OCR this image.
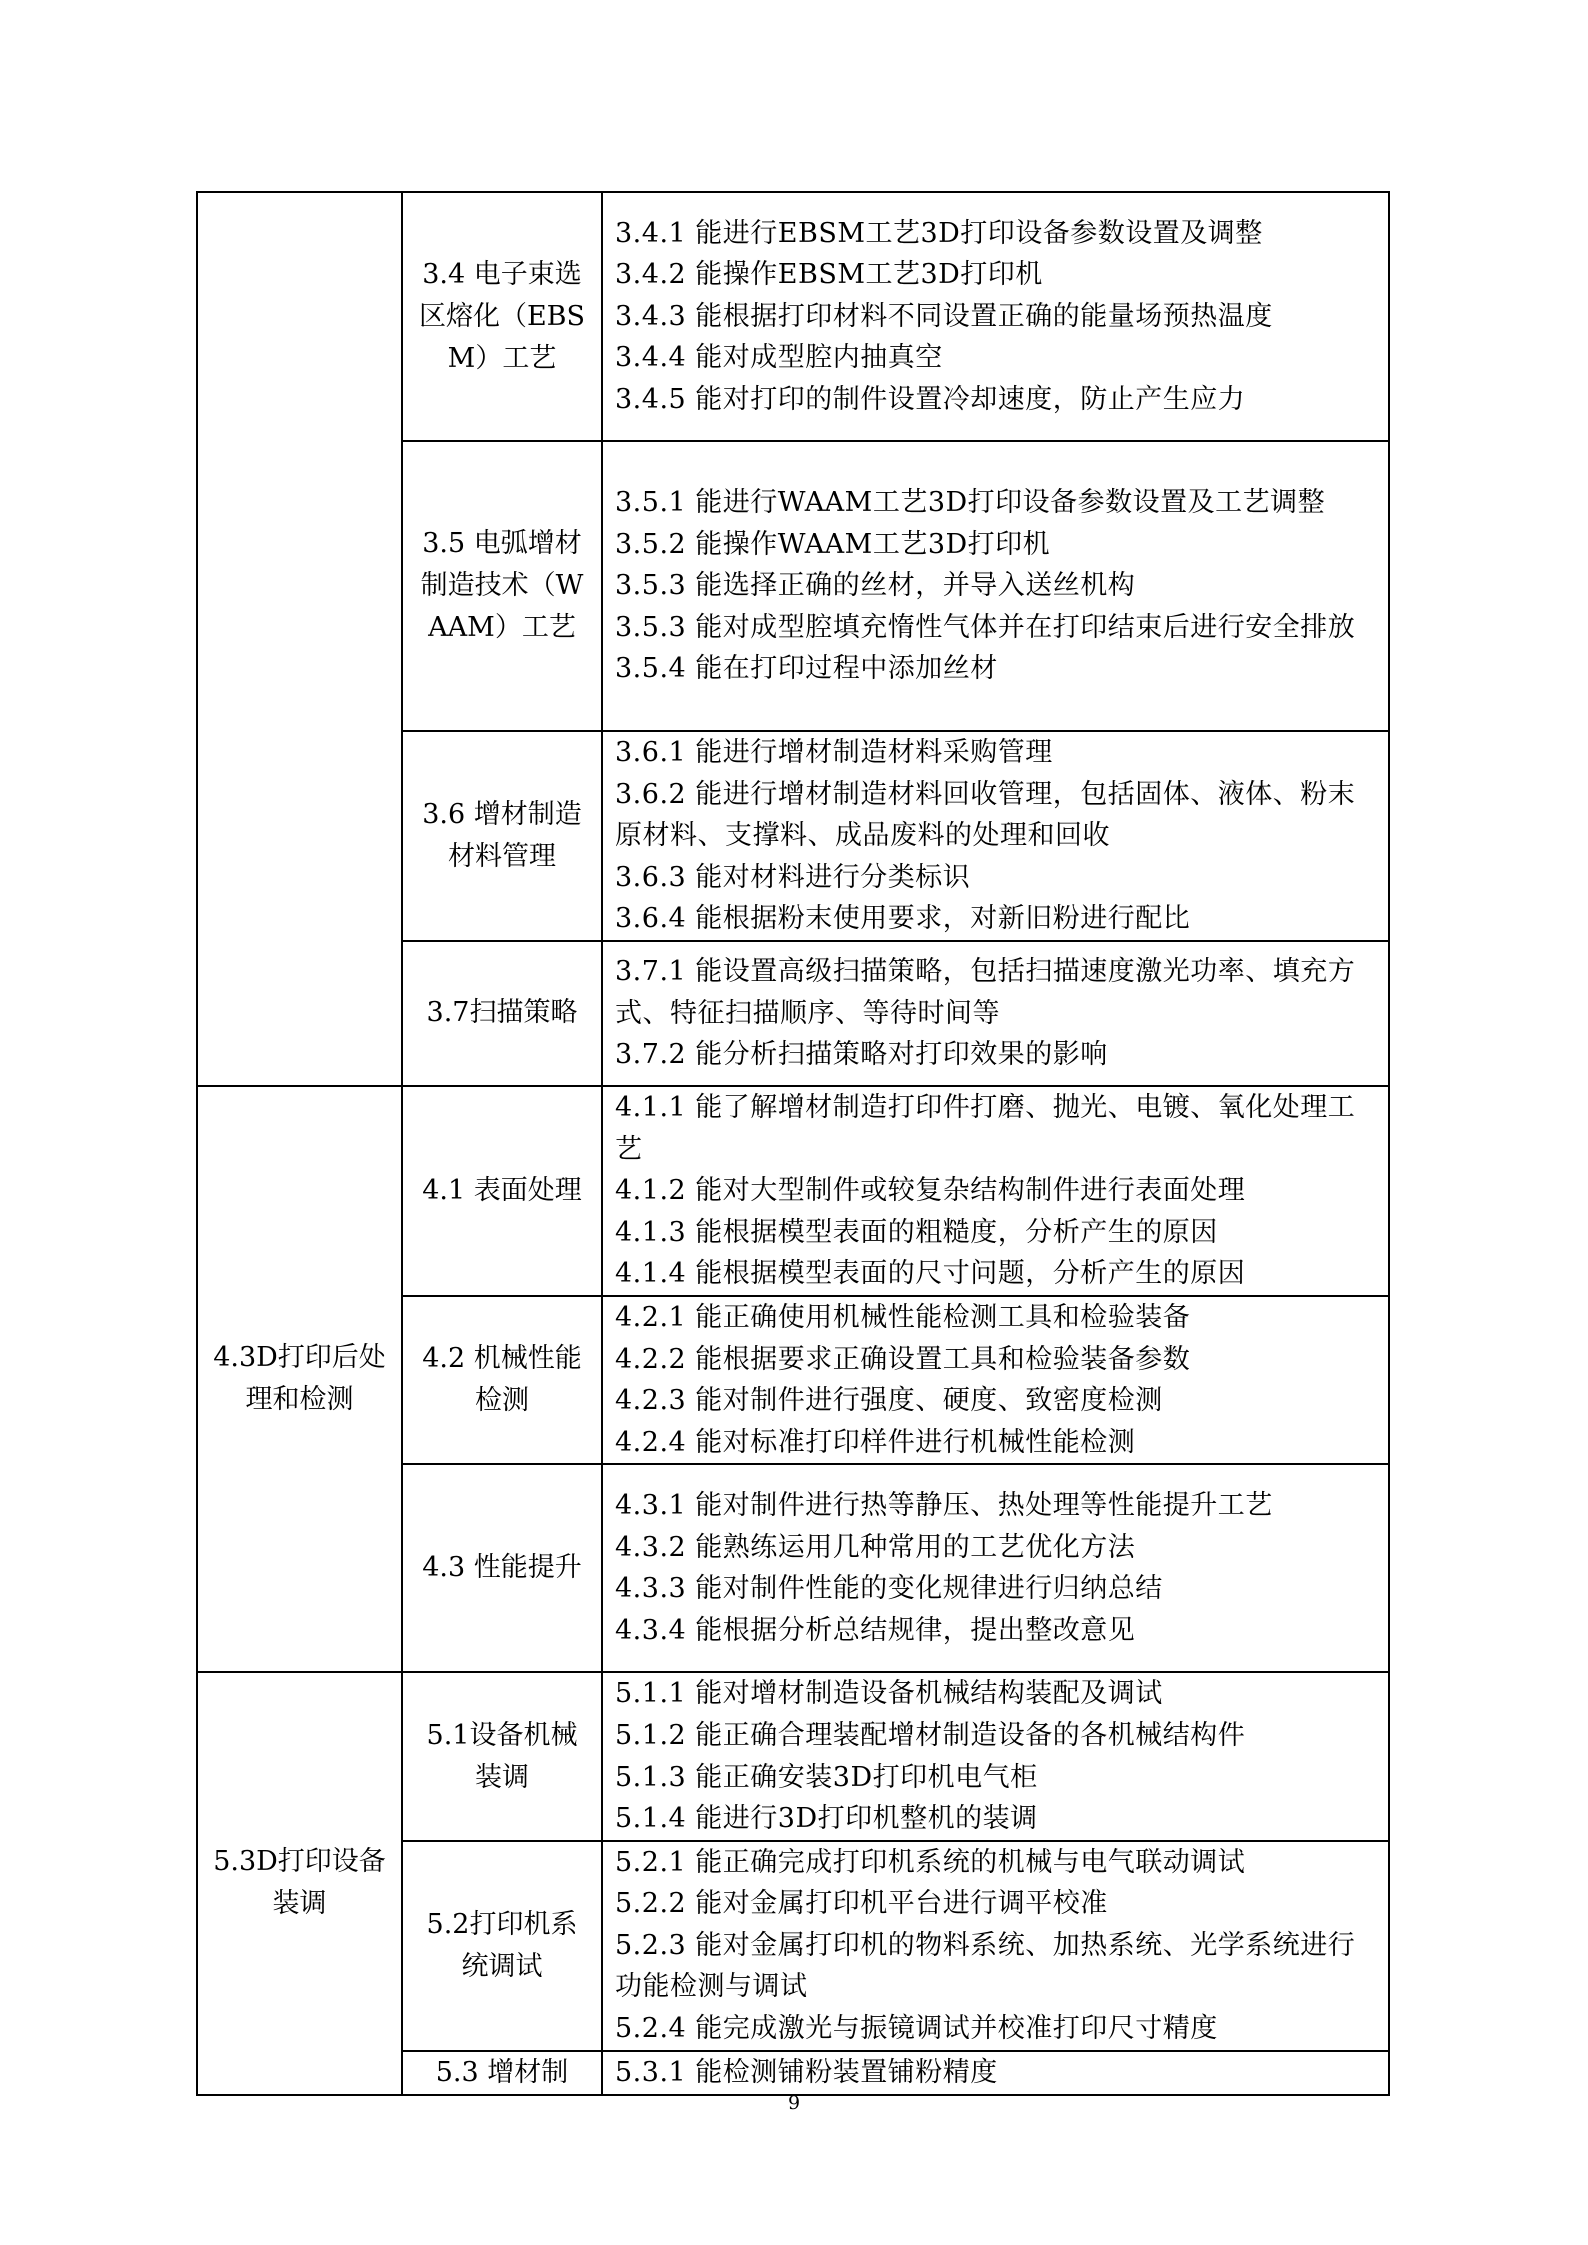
	3.4 电子束选区熔化（EBSM）工艺	3.4.1 能进行EBSM工艺3D打印设备参数设置及调整
3.4.2 能操作EBSM工艺3D打印机
3.4.3 能根据打印材料不同设置正确的能量场预热温度
3.4.4 能对成型腔内抽真空
3.4.5 能对打印的制件设置冷却速度，防止产生应力

	3.5 电弧增材制造技术（WAAM）工艺	3.5.1 能进行WAAM工艺3D打印设备参数设置及工艺调整
3.5.2 能操作WAAM工艺3D打印机
3.5.3 能选择正确的丝材，并导入送丝机构
3.5.3 能对成型腔填充惰性气体并在打印结束后进行安全排放
3.5.4 能在打印过程中添加丝材

	3.6 增材制造材料管理	3.6.1 能进行增材制造材料采购管理
3.6.2 能进行增材制造材料回收管理，包括固体、液体、粉末原材料、支撑料、成品废料的处理和回收
3.6.3 能对材料进行分类标识
3.6.4 能根据粉末使用要求，对新旧粉进行配比

	3.7扫描策略	3.7.1 能设置高级扫描策略，包括扫描速度激光功率、填充方式、特征扫描顺序、等待时间等
3.7.2 能分析扫描策略对打印效果的影响

4.3D打印后处理和检测	4.1 表面处理	4.1.1 能了解增材制造打印件打磨、抛光、电镀、氧化处理工艺
4.1.2 能对大型制件或较复杂结构制件进行表面处理
4.1.3 能根据模型表面的粗糙度，分析产生的原因
4.1.4 能根据模型表面的尺寸问题，分析产生的原因

	4.2 机械性能检测	4.2.1 能正确使用机械性能检测工具和检验装备
4.2.2 能根据要求正确设置工具和检验装备参数
4.2.3 能对制件进行强度、硬度、致密度检测
4.2.4 能对标准打印样件进行机械性能检测

	4.3 性能提升	4.3.1 能对制件进行热等静压、热处理等性能提升工艺
4.3.2 能熟练运用几种常用的工艺优化方法
4.3.3 能对制件性能的变化规律进行归纳总结
4.3.4 能根据分析总结规律，提出整改意见

5.3D打印设备装调	5.1设备机械装调	5.1.1 能对增材制造设备机械结构装配及调试
5.1.2 能正确合理装配增材制造设备的各机械结构件
5.1.3 能正确安装3D打印机电气柜
5.1.4 能进行3D打印机整机的装调

	5.2打印机系统调试	5.2.1 能正确完成打印机系统的机械与电气联动调试
5.2.2 能对金属打印机平台进行调平校准
5.2.3 能对金属打印机的物料系统、加热系统、光学系统进行功能检测与调试
5.2.4 能完成激光与振镜调试并校准打印尺寸精度

	5.3 增材制	5.3.1 能检测铺粉装置铺粉精度
9
